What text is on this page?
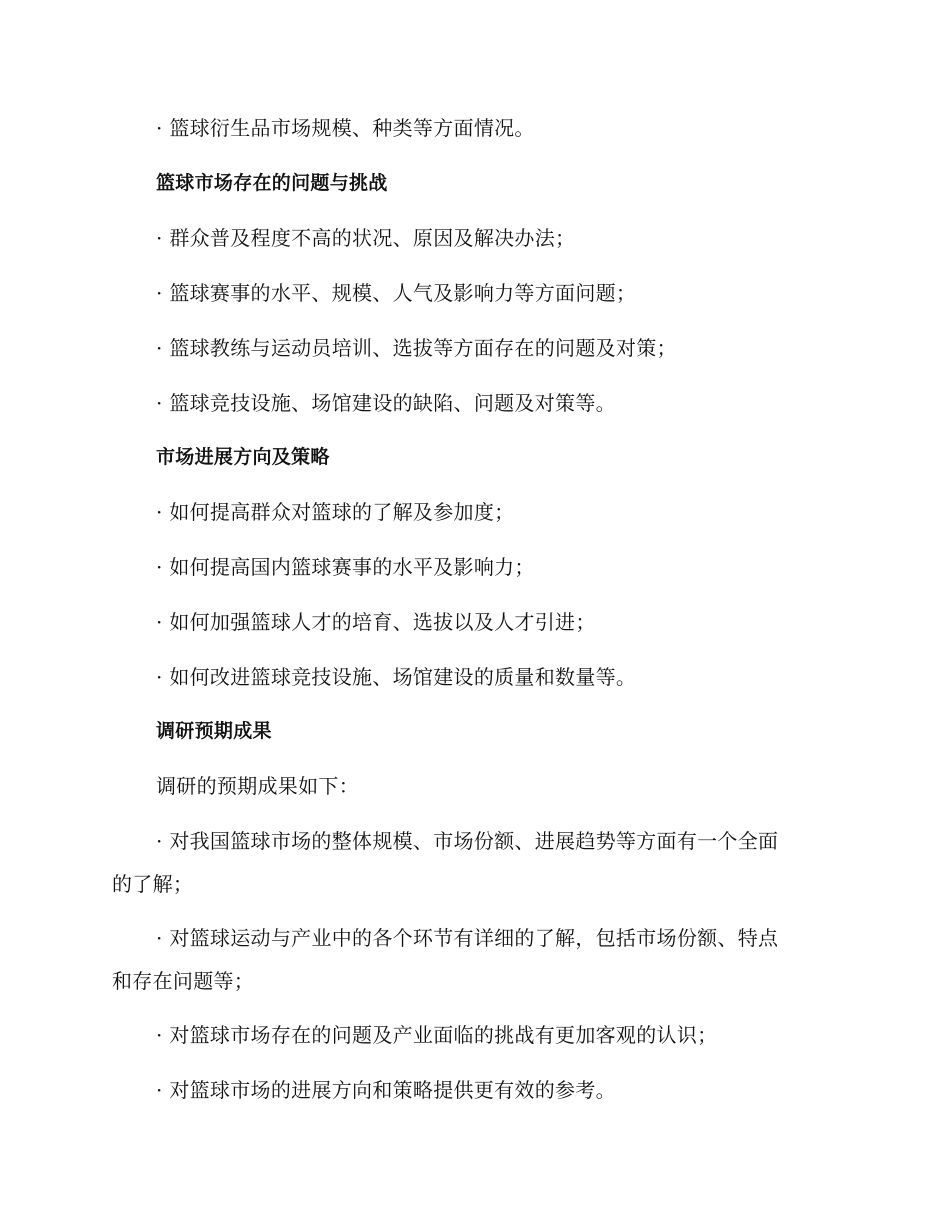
· 篮球衍生品市场规模、种类等方面情况。
篮球市场存在的问题与挑战
· 群众普及程度不高的状况、原因及解决办法；
· 篮球赛事的水平、规模、人气及影响力等方面问题；
· 篮球教练与运动员培训、选拔等方面存在的问题及对策；
· 篮球竞技设施、场馆建设的缺陷、问题及对策等。
市场进展方向及策略
· 如何提高群众对篮球的了解及参加度；
· 如何提高国内篮球赛事的水平及影响力；
· 如何加强篮球人才的培育、选拔以及人才引进；
· 如何改进篮球竞技设施、场馆建设的质量和数量等。
调研预期成果
调研的预期成果如下：
· 对我国篮球市场的整体规模、市场份额、进展趋势等方面有一个全面
的了解；
· 对篮球运动与产业中的各个环节有详细的了解，包括市场份额、特点
和存在问题等；
· 对篮球市场存在的问题及产业面临的挑战有更加客观的认识；
· 对篮球市场的进展方向和策略提供更有效的参考。
